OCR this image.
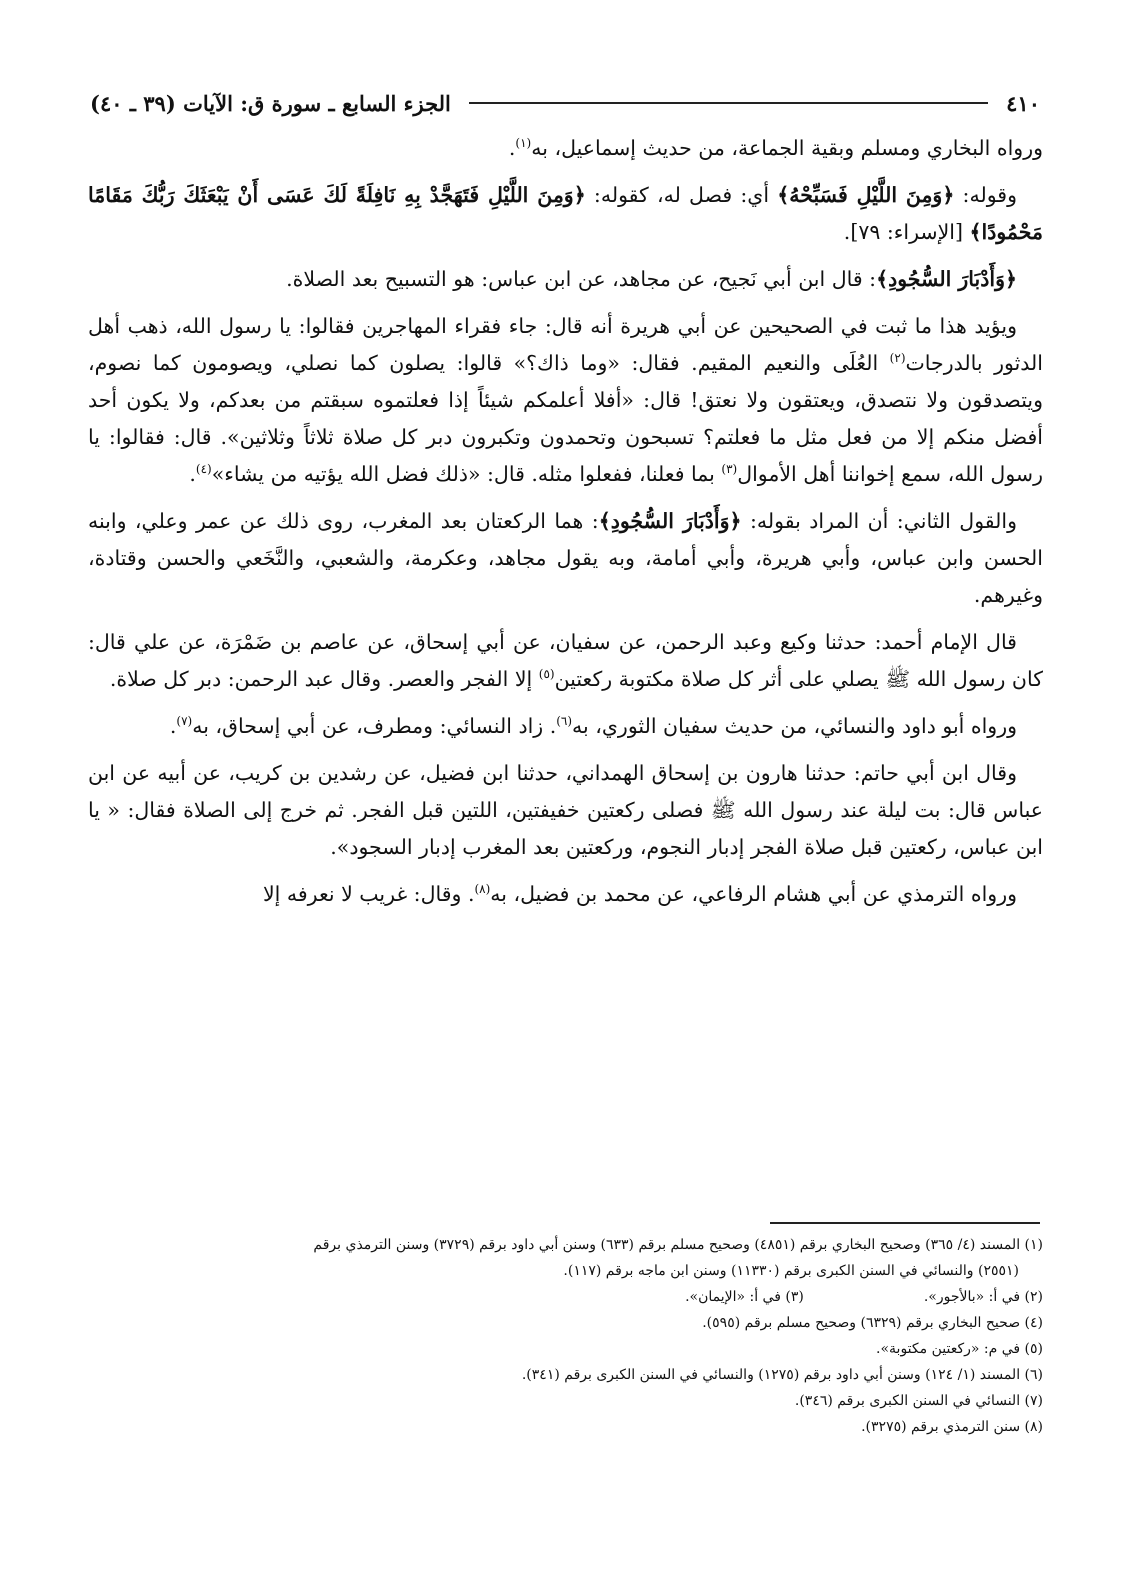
٤١٠
الجزء السابع ـ سورة ق: الآيات (٣٩ ـ ٤٠)

ورواه البخاري ومسلم وبقية الجماعة، من حديث إسماعيل، به$^{(١)}$.

وقوله: ﴿وَمِنَ اللَّيْلِ فَسَبِّحْهُ﴾ أي: فصل له، كقوله: ﴿وَمِنَ اللَّيْلِ فَتَهَجَّدْ بِهِ نَافِلَةً لَكَ عَسَى أَنْ يَبْعَثَكَ رَبُّكَ مَقَامًا مَحْمُودًا﴾ [الإسراء: ٧٩].

﴿وَأَدْبَارَ السُّجُودِ﴾: قال ابن أبي نَجيح، عن مجاهد، عن ابن عباس: هو التسبيح بعد الصلاة.

ويؤيد هذا ما ثبت في الصحيحين عن أبي هريرة أنه قال: جاء فقراء المهاجرين فقالوا: يا رسول الله، ذهب أهل الدثور بالدرجات$^{(٢)}$ العُلَى والنعيم المقيم. فقال: «وما ذاك؟» قالوا: يصلون كما نصلي، ويصومون كما نصوم، ويتصدقون ولا نتصدق، ويعتقون ولا نعتق! قال: «أفلا أعلمكم شيئاً إذا فعلتموه سبقتم من بعدكم، ولا يكون أحد أفضل منكم إلا من فعل مثل ما فعلتم؟ تسبحون وتحمدون وتكبرون دبر كل صلاة ثلاثاً وثلاثين». قال: فقالوا: يا رسول الله، سمع إخواننا أهل الأموال$^{(٣)}$ بما فعلنا، ففعلوا مثله. قال: «ذلك فضل الله يؤتيه من يشاء»$^{(٤)}$.

والقول الثاني: أن المراد بقوله: ﴿وَأَدْبَارَ السُّجُودِ﴾: هما الركعتان بعد المغرب، روى ذلك عن عمر وعلي، وابنه الحسن وابن عباس، وأبي هريرة، وأبي أمامة، وبه يقول مجاهد، وعكرمة، والشعبي، والنَّخَعي والحسن وقتادة، وغيرهم.

قال الإمام أحمد: حدثنا وكيع وعبد الرحمن، عن سفيان، عن أبي إسحاق، عن عاصم بن ضَمْرَة، عن علي قال: كان رسول الله ﷺ يصلي على أثر كل صلاة مكتوبة ركعتين$^{(٥)}$ إلا الفجر والعصر. وقال عبد الرحمن: دبر كل صلاة.

ورواه أبو داود والنسائي، من حديث سفيان الثوري، به$^{(٦)}$. زاد النسائي: ومطرف، عن أبي إسحاق، به$^{(٧)}$.

وقال ابن أبي حاتم: حدثنا هارون بن إسحاق الهمداني، حدثنا ابن فضيل، عن رشدين بن كريب، عن أبيه عن ابن عباس قال: بت ليلة عند رسول الله ﷺ فصلى ركعتين خفيفتين، اللتين قبل الفجر. ثم خرج إلى الصلاة فقال: « يا ابن عباس، ركعتين قبل صلاة الفجر إدبار النجوم، وركعتين بعد المغرب إدبار السجود».

ورواه الترمذي عن أبي هشام الرفاعي، عن محمد بن فضيل، به$^{(٨)}$. وقال: غريب لا نعرفه إلا

(١) المسند (٤/ ٣٦٥) وصحيح البخاري برقم (٤٨٥١) وصحيح مسلم برقم (٦٣٣) وسنن أبي داود برقم (٣٧٢٩) وسنن الترمذي برقم
(٢٥٥١) والنسائي في السنن الكبرى برقم (١١٣٣٠) وسنن ابن ماجه برقم (١١٧).
(٢) في أ: «بالأجور».
(٣) في أ: «الإيمان».
(٤) صحيح البخاري برقم (٦٣٢٩) وصحيح مسلم برقم (٥٩٥).
(٥) في م: «ركعتين مكتوبة».
(٦) المسند (١/ ١٢٤) وسنن أبي داود برقم (١٢٧٥) والنسائي في السنن الكبرى برقم (٣٤١).
(٧) النسائي في السنن الكبرى برقم (٣٤٦).
(٨) سنن الترمذي برقم (٣٢٧٥).
